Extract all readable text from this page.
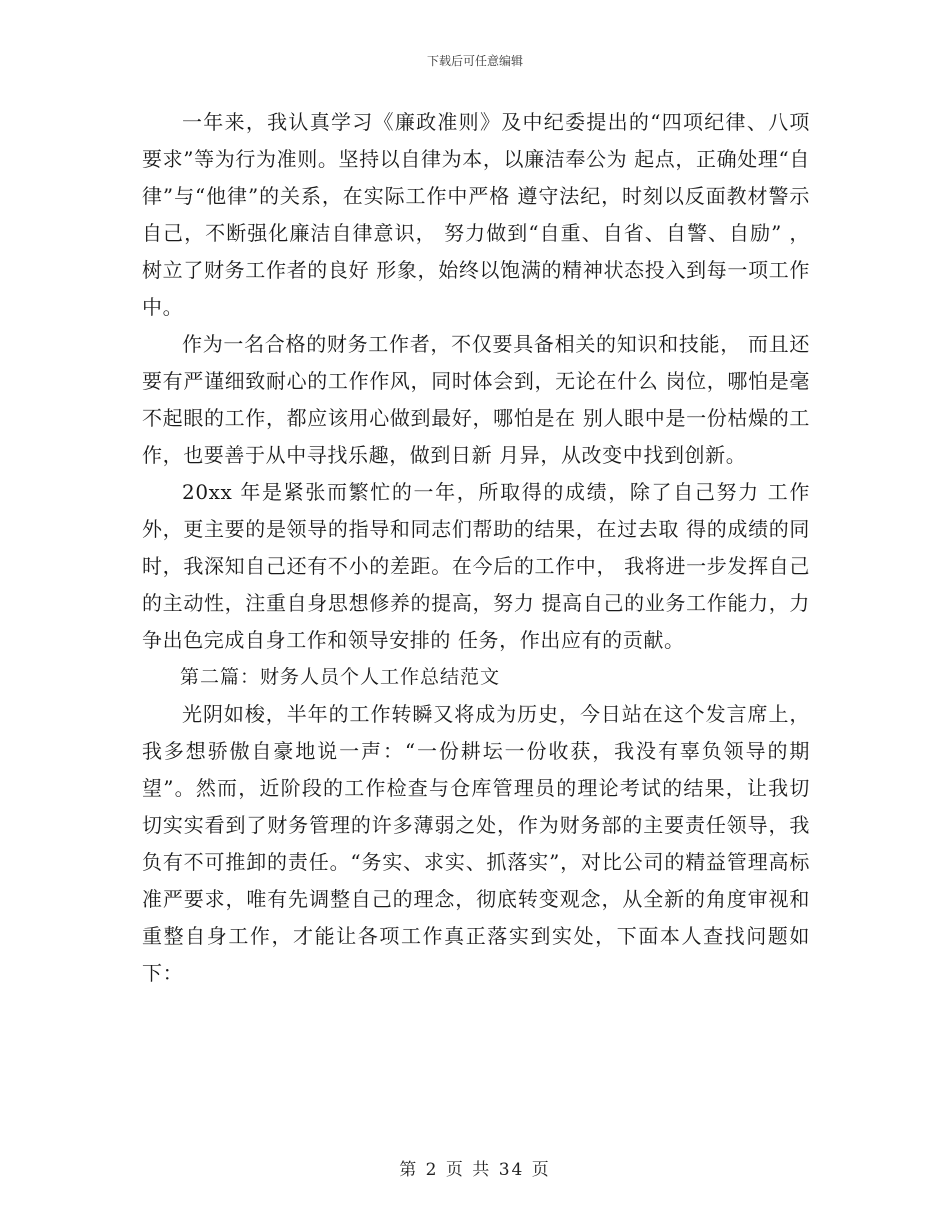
下载后可任意编辑

一年来，我认真学习《廉政准则》及中纪委提出的“四项纪律、八项要求”等为行为准则。坚持以自律为本，以廉洁奉公为 起点，正确处理“自律”与“他律”的关系，在实际工作中严格 遵守法纪，时刻以反面教材警示自己，不断强化廉洁自律意识， 努力做到“自重、自省、自警、自励” ，树立了财务工作者的良好 形象，始终以饱满的精神状态投入到每一项工作中。

作为一名合格的财务工作者，不仅要具备相关的知识和技能， 而且还要有严谨细致耐心的工作作风，同时体会到，无论在什么 岗位，哪怕是毫不起眼的工作，都应该用心做到最好，哪怕是在 别人眼中是一份枯燥的工作，也要善于从中寻找乐趣，做到日新 月异，从改变中找到创新。

20xx 年是紧张而繁忙的一年，所取得的成绩，除了自己努力 工作外，更主要的是领导的指导和同志们帮助的结果，在过去取 得的成绩的同时，我深知自己还有不小的差距。在今后的工作中， 我将进一步发挥自己的主动性，注重自身思想修养的提高，努力 提高自己的业务工作能力，力争出色完成自身工作和领导安排的 任务，作出应有的贡献。

第二篇：财务人员个人工作总结范文

光阴如梭，半年的工作转瞬又将成为历史，今日站在这个发言席上，我多想骄傲自豪地说一声：“一份耕坛一份收获，我没有辜负领导的期望”。然而，近阶段的工作检查与仓库管理员的理论考试的结果，让我切切实实看到了财务管理的许多薄弱之处，作为财务部的主要责任领导，我负有不可推卸的责任。“务实、求实、抓落实”，对比公司的精益管理高标准严要求，唯有先调整自己的理念，彻底转变观念，从全新的角度审视和重整自身工作，才能让各项工作真正落实到实处，下面本人查找问题如下：

第 2 页 共 34 页
